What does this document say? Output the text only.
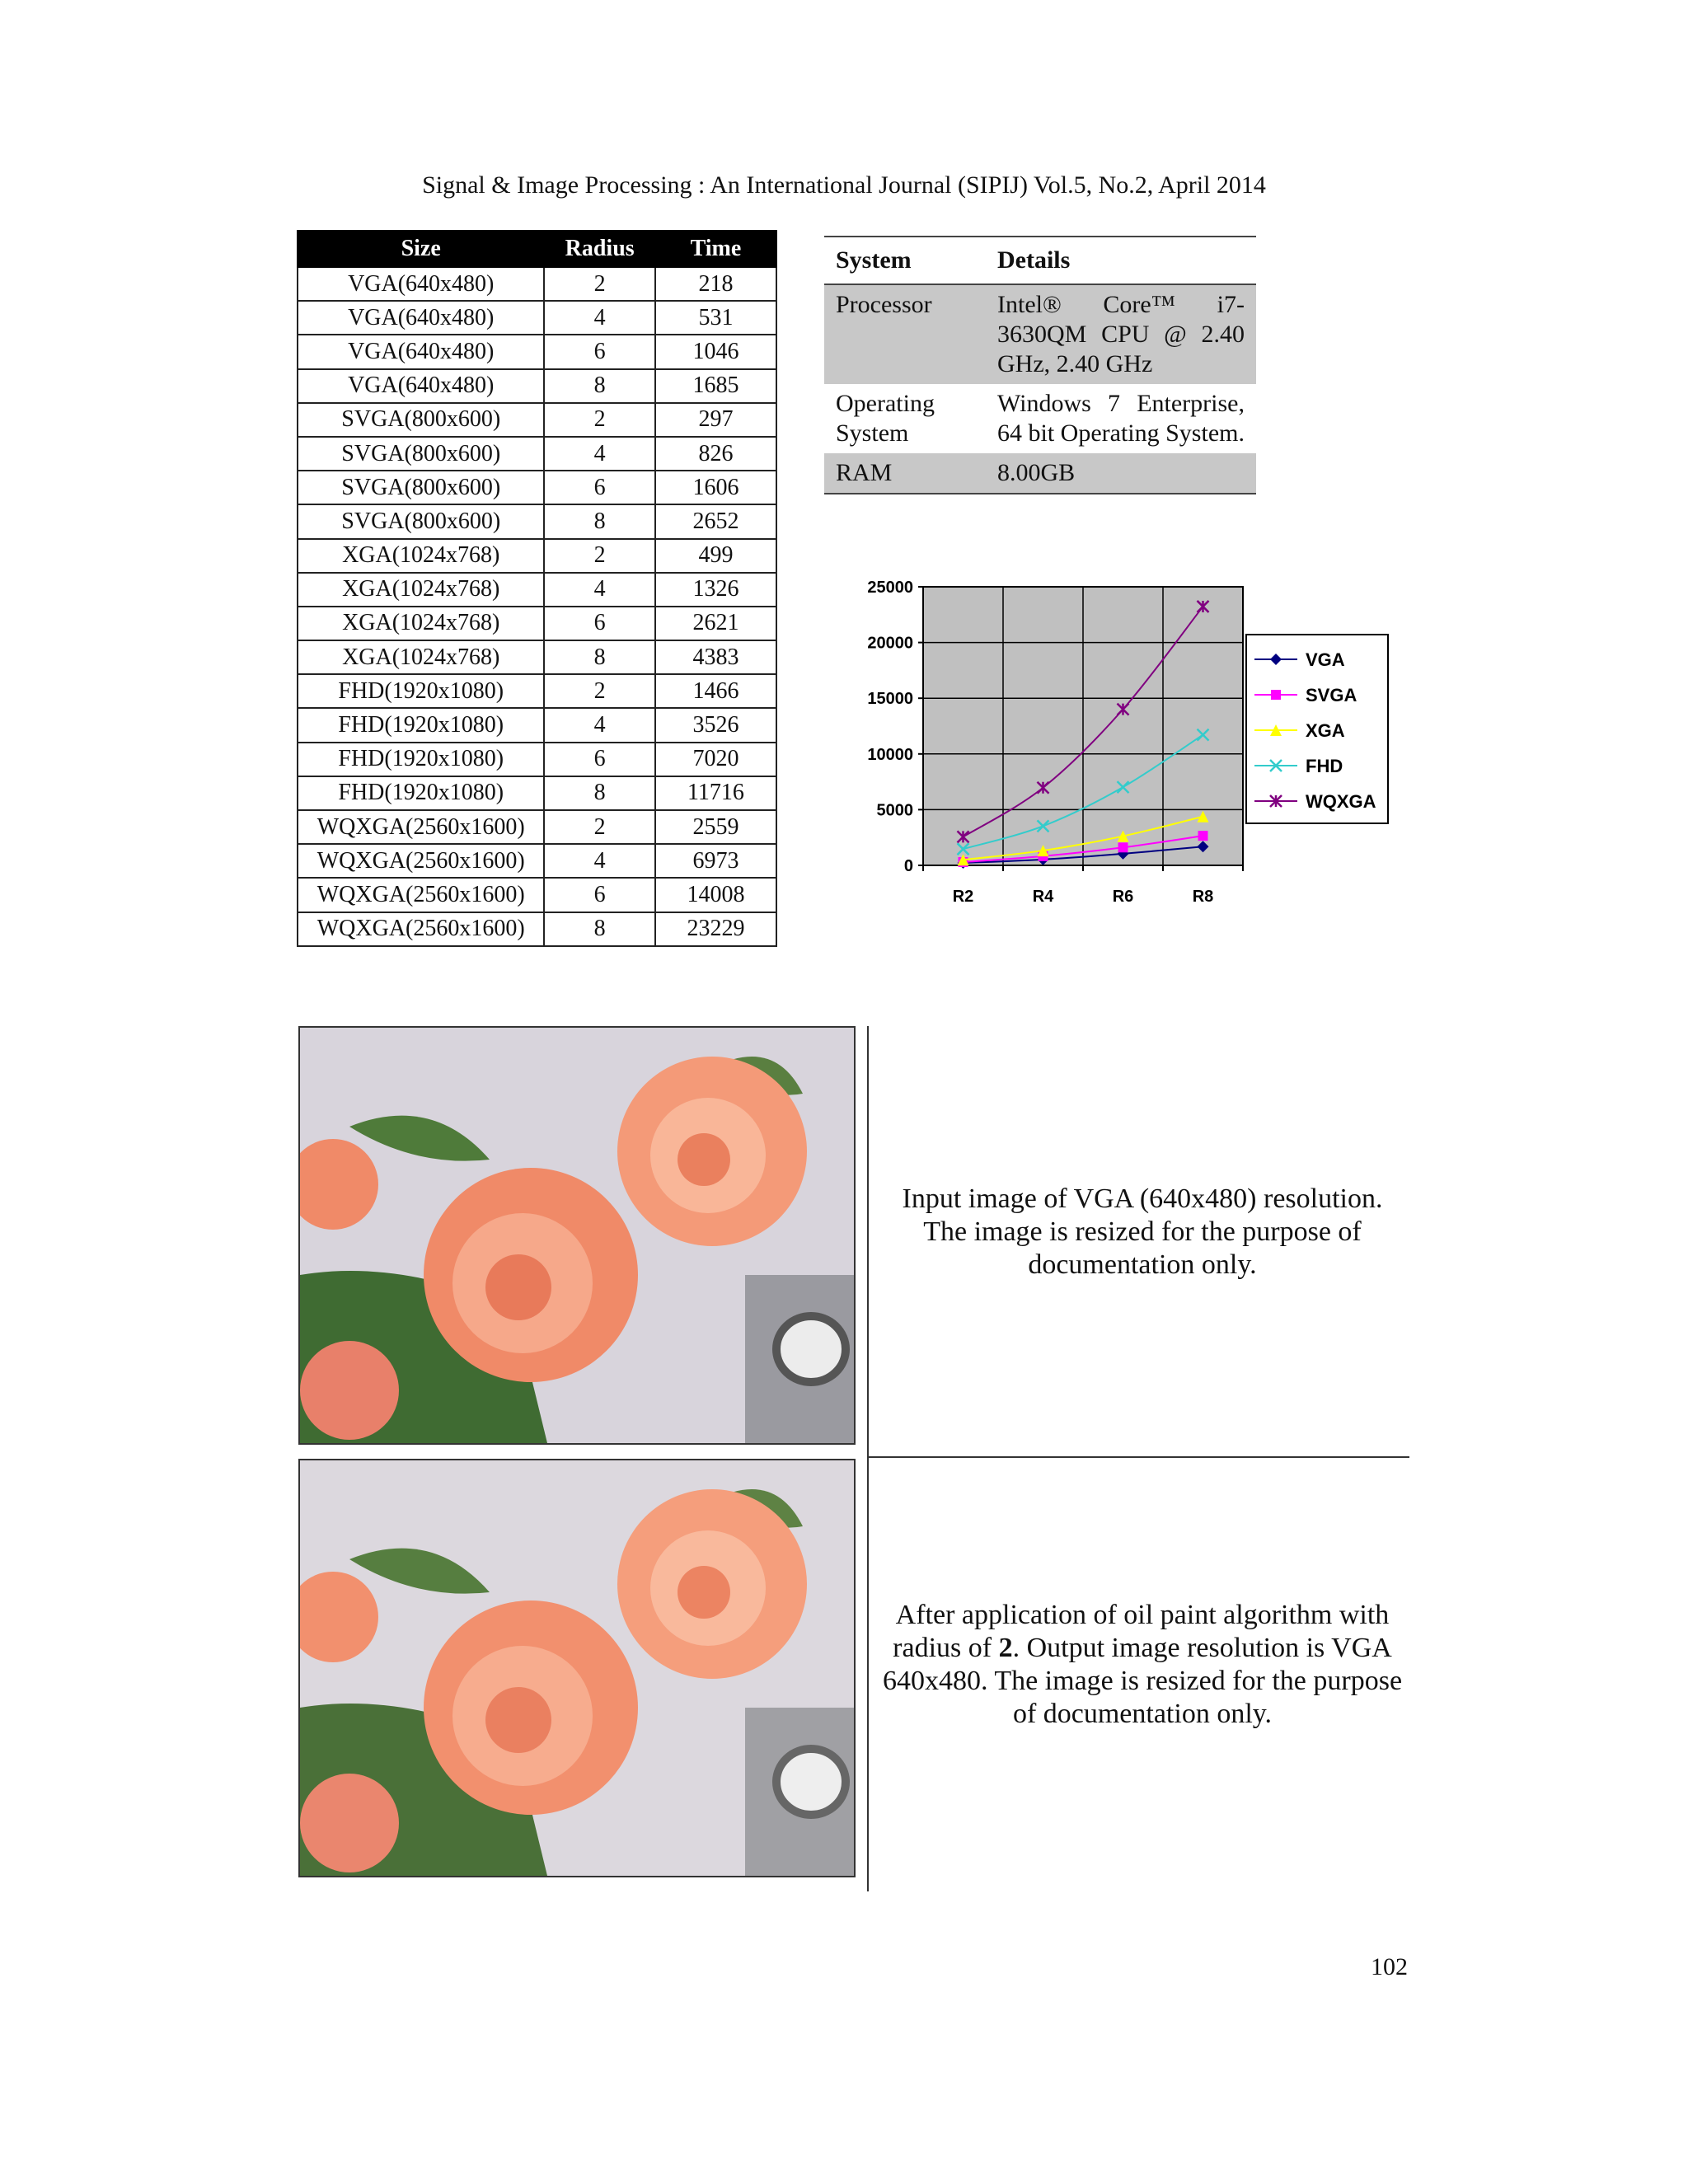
Signal & Image Processing : An International Journal (SIPIJ) Vol.5, No.2, April 2014
Size	Radius	Time
VGA(640x480)	2	218
VGA(640x480)	4	531
VGA(640x480)	6	1046
VGA(640x480)	8	1685
SVGA(800x600)	2	297
SVGA(800x600)	4	826
SVGA(800x600)	6	1606
SVGA(800x600)	8	2652
XGA(1024x768)	2	499
XGA(1024x768)	4	1326
XGA(1024x768)	6	2621
XGA(1024x768)	8	4383
FHD(1920x1080)	2	1466
FHD(1920x1080)	4	3526
FHD(1920x1080)	6	7020
FHD(1920x1080)	8	11716
WQXGA(2560x1600)	2	2559
WQXGA(2560x1600)	4	6973
WQXGA(2560x1600)	6	14008
WQXGA(2560x1600)	8	23229
System	Details
Processor	Intel® Core™ i7-3630QM CPU @ 2.40 GHz, 2.40 GHz
Operating System	Windows 7 Enterprise, 64 bit Operating System.
RAM	8.00GB
0
5000
10000
15000
20000
25000
R2	R4	R6	R8
VGA
SVGA
XGA
FHD
WQXGA
Input image of VGA (640x480) resolution. The image is resized for the purpose of documentation only.
After application of oil paint algorithm with radius of 2. Output image resolution is VGA 640x480. The image is resized for the purpose of documentation only.
102
